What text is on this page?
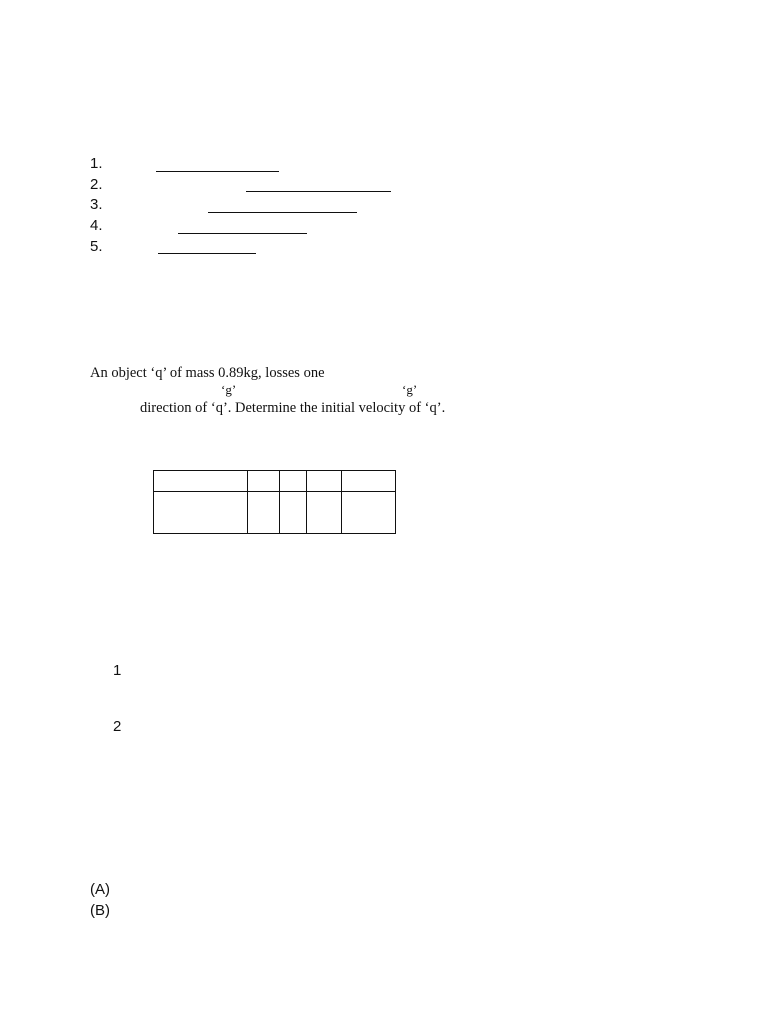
1.
2.
3.
4.
5.
An object ‘q’ of mass 0.89kg, losses one
‘g’	‘g’
direction of ‘q’. Determine the initial velocity of ‘q’.

1
2
(A)
(B)
